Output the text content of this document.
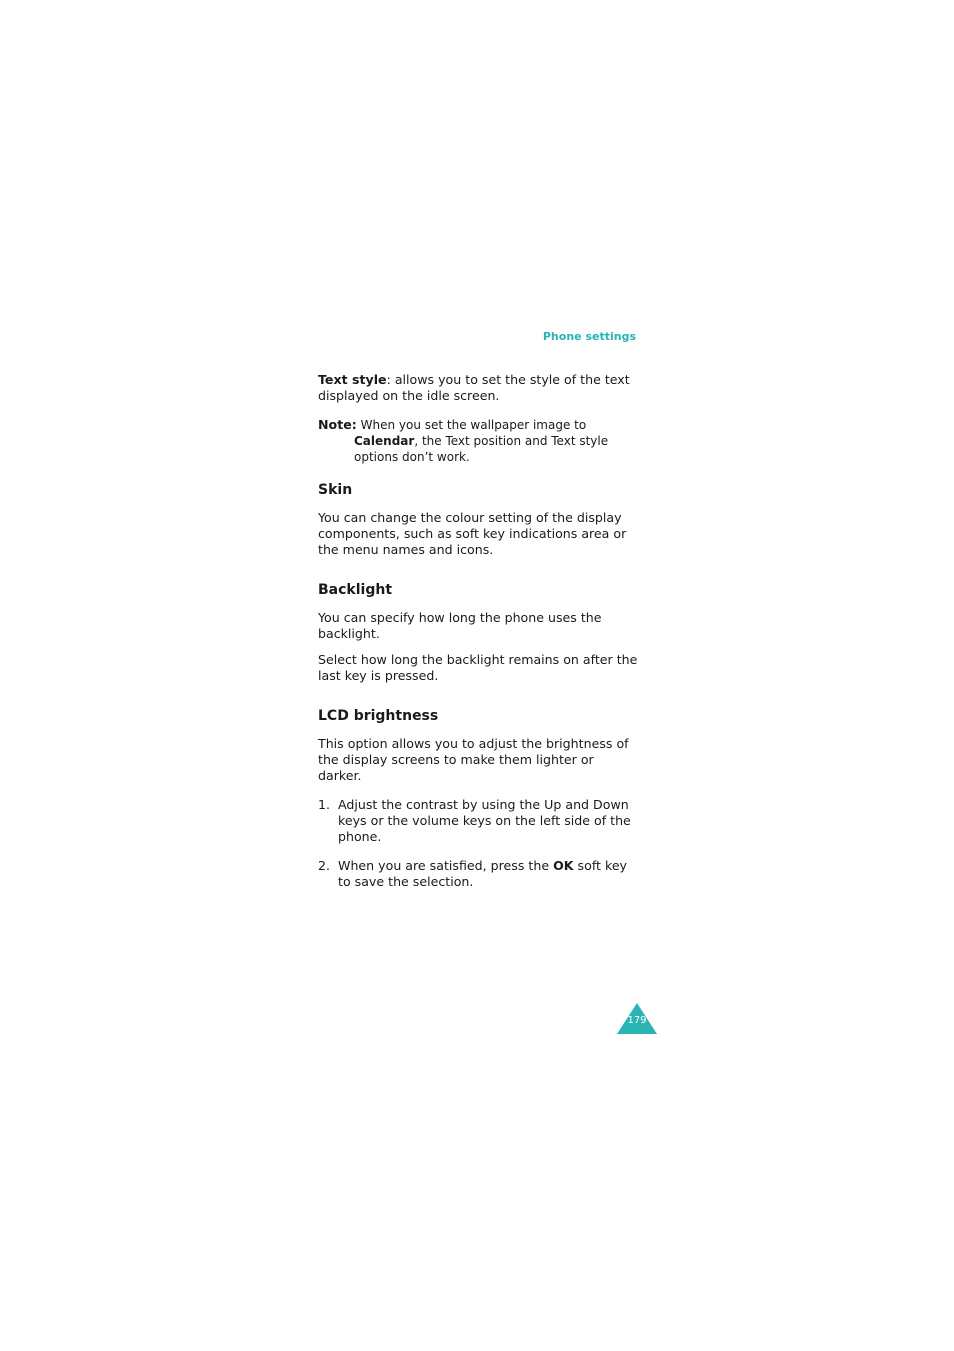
Phone settings

Text style: allows you to set the style of the text displayed on the idle screen.

Note: When you set the wallpaper image to
Calendar, the Text position and Text style options don’t work.
Skin

You can change the colour setting of the display components, such as soft key indications area or the menu names and icons.

Backlight

You can specify how long the phone uses the backlight.

Select how long the backlight remains on after the last key is pressed.

LCD brightness

This option allows you to adjust the brightness of the display screens to make them lighter or darker.

1. Adjust the contrast by using the Up and Down keys or the volume keys on the left side of the phone.
2. When you are satisfied, press the OK soft key to save the selection.
179
